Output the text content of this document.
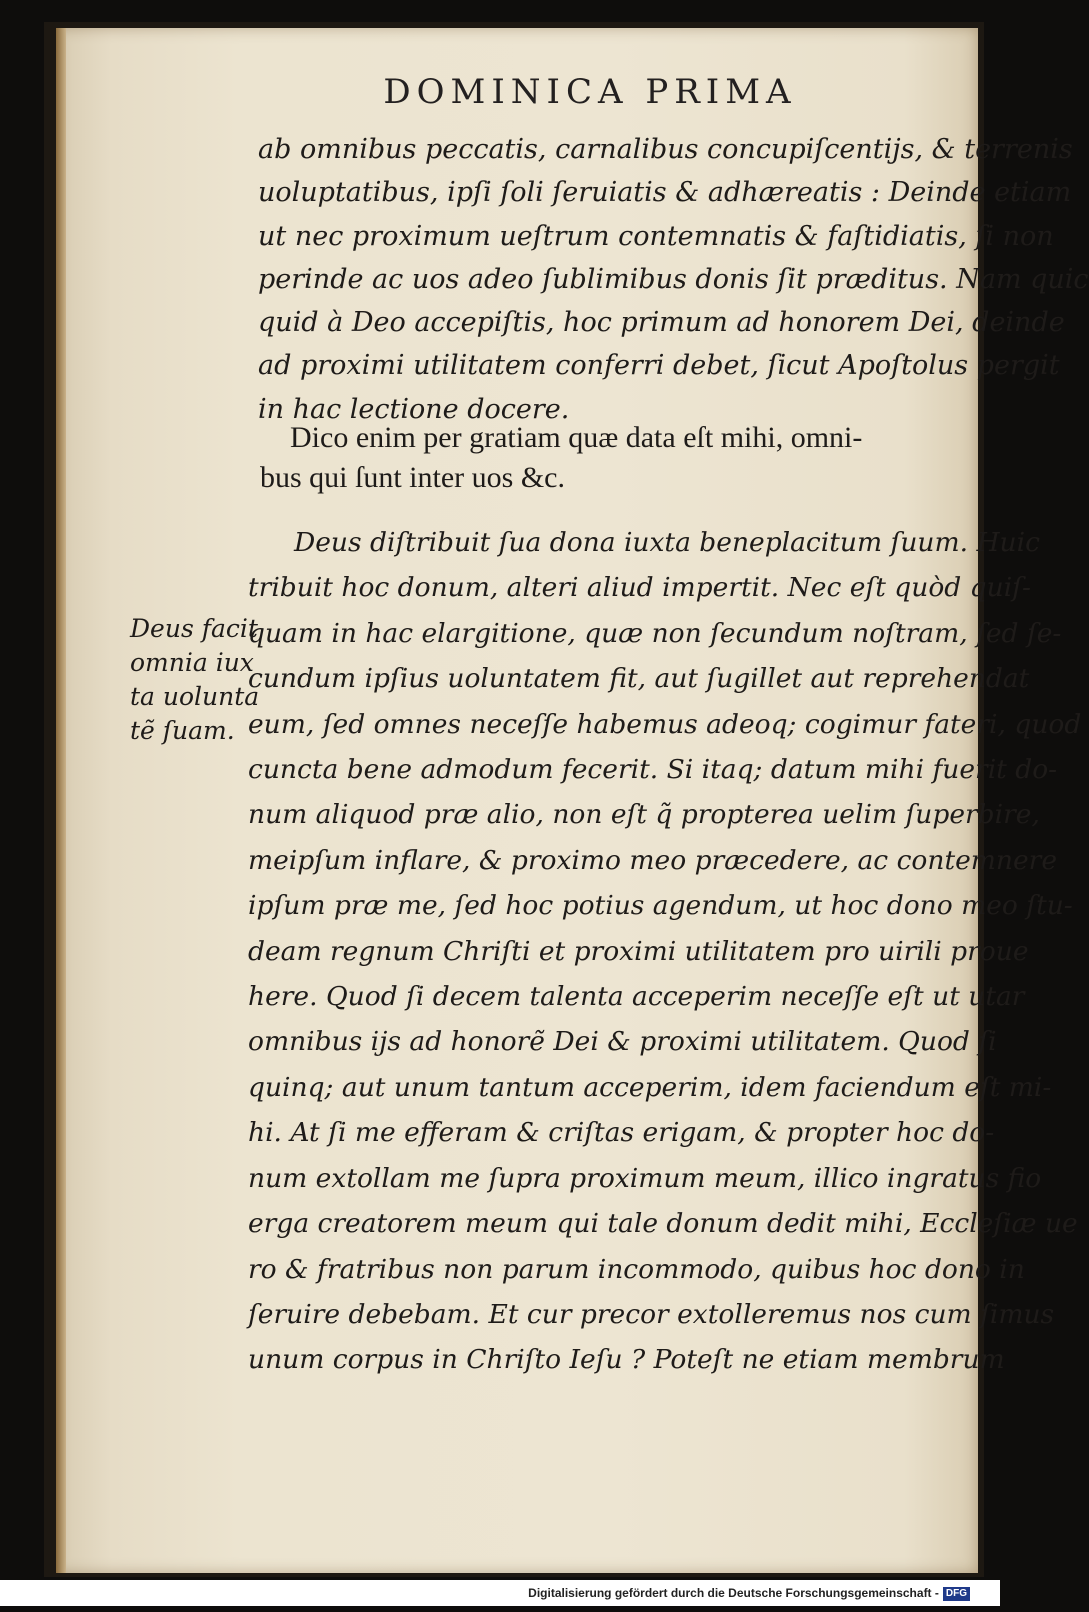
DOMINICA PRIMA
ab omnibus peccatis, carnalibus concupiſcentijs, & terrenis
uoluptatibus, ipſi ſoli ſeruiatis & adhæreatis : Deinde etiam
ut nec proximum ueſtrum contemnatis & faſtidiatis, ſi non
perinde ac uos adeo ſublimibus donis ſit præditus. Nam quic
quid à Deo accepiſtis, hoc primum ad honorem Dei, deinde
ad proximi utilitatem conferri debet, ſicut Apoſtolus pergit
in hac lectione docere.
Dico enim per gratiam quæ data eſt mihi, omni-
bus qui ſunt inter uos &c.
Deus diſtribuit ſua dona iuxta beneplacitum ſuum. Huic
tribuit hoc donum, alteri aliud impertit. Nec eſt quòd quiſ-
quam in hac elargitione, quæ non ſecundum noſtram, ſed ſe-
cundum ipſius uoluntatem fit, aut ſugillet aut reprehendat
eum, ſed omnes neceſſe habemus adeoq; cogimur fateri, quod
cuncta bene admodum fecerit. Si itaq; datum mihi fuerit do-
num aliquod præ alio, non eſt q̃ propterea uelim ſuperbire,
meipſum inflare, & proximo meo præcedere, ac contemnere
ipſum præ me, ſed hoc potius agendum, ut hoc dono meo ſtu-
deam regnum Chriſti et proximi utilitatem pro uirili proue
here. Quod ſi decem talenta acceperim neceſſe eſt ut utar
omnibus ijs ad honorẽ Dei & proximi utilitatem. Quod ſi
quinq; aut unum tantum acceperim, idem faciendum eſt mi-
hi. At ſi me efferam & criſtas erigam, & propter hoc do-
num extollam me ſupra proximum meum, illico ingratus fio
erga creatorem meum qui tale donum dedit mihi, Eccleſiæ ue
ro & fratribus non parum incommodo, quibus hoc dono in
ſeruire debebam. Et cur precor extolleremus nos cum ſimus
unum corpus in Chriſto Ieſu ? Poteſt ne etiam membrum
Deus facit
omnia iux
ta uolunta
tẽ ſuam.
Digitalisierung gefördert durch die Deutsche Forschungsgemeinschaft - DFG
